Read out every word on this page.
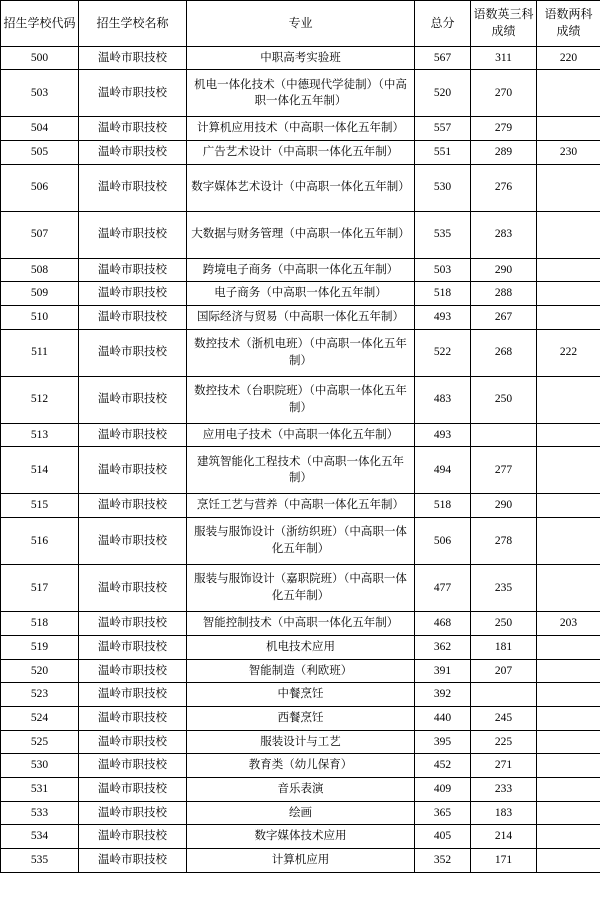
招生学校代码	招生学校名称	专业	总分	语数英三科成绩	语数两科成绩
500	温岭市职技校	中职高考实验班	567	311	220
503	温岭市职技校	机电一体化技术（中德现代学徒制）（中高职一体化五年制）	520	270	
504	温岭市职技校	计算机应用技术（中高职一体化五年制）	557	279	
505	温岭市职技校	广告艺术设计（中高职一体化五年制）	551	289	230
506	温岭市职技校	数字媒体艺术设计（中高职一体化五年制）	530	276	
507	温岭市职技校	大数据与财务管理（中高职一体化五年制）	535	283	
508	温岭市职技校	跨境电子商务（中高职一体化五年制）	503	290	
509	温岭市职技校	电子商务（中高职一体化五年制）	518	288	
510	温岭市职技校	国际经济与贸易（中高职一体化五年制）	493	267	
511	温岭市职技校	数控技术（浙机电班）（中高职一体化五年制）	522	268	222
512	温岭市职技校	数控技术（台职院班）（中高职一体化五年制）	483	250	
513	温岭市职技校	应用电子技术（中高职一体化五年制）	493		
514	温岭市职技校	建筑智能化工程技术（中高职一体化五年制）	494	277	
515	温岭市职技校	烹饪工艺与营养（中高职一体化五年制）	518	290	
516	温岭市职技校	服装与服饰设计（浙纺织班）（中高职一体化五年制）	506	278	
517	温岭市职技校	服装与服饰设计（嘉职院班）（中高职一体化五年制）	477	235	
518	温岭市职技校	智能控制技术（中高职一体化五年制）	468	250	203
519	温岭市职技校	机电技术应用	362	181	
520	温岭市职技校	智能制造（利欧班）	391	207	
523	温岭市职技校	中餐烹饪	392		
524	温岭市职技校	西餐烹饪	440	245	
525	温岭市职技校	服装设计与工艺	395	225	
530	温岭市职技校	教育类（幼儿保育）	452	271	
531	温岭市职技校	音乐表演	409	233	
533	温岭市职技校	绘画	365	183	
534	温岭市职技校	数字媒体技术应用	405	214	
535	温岭市职技校	计算机应用	352	171	
